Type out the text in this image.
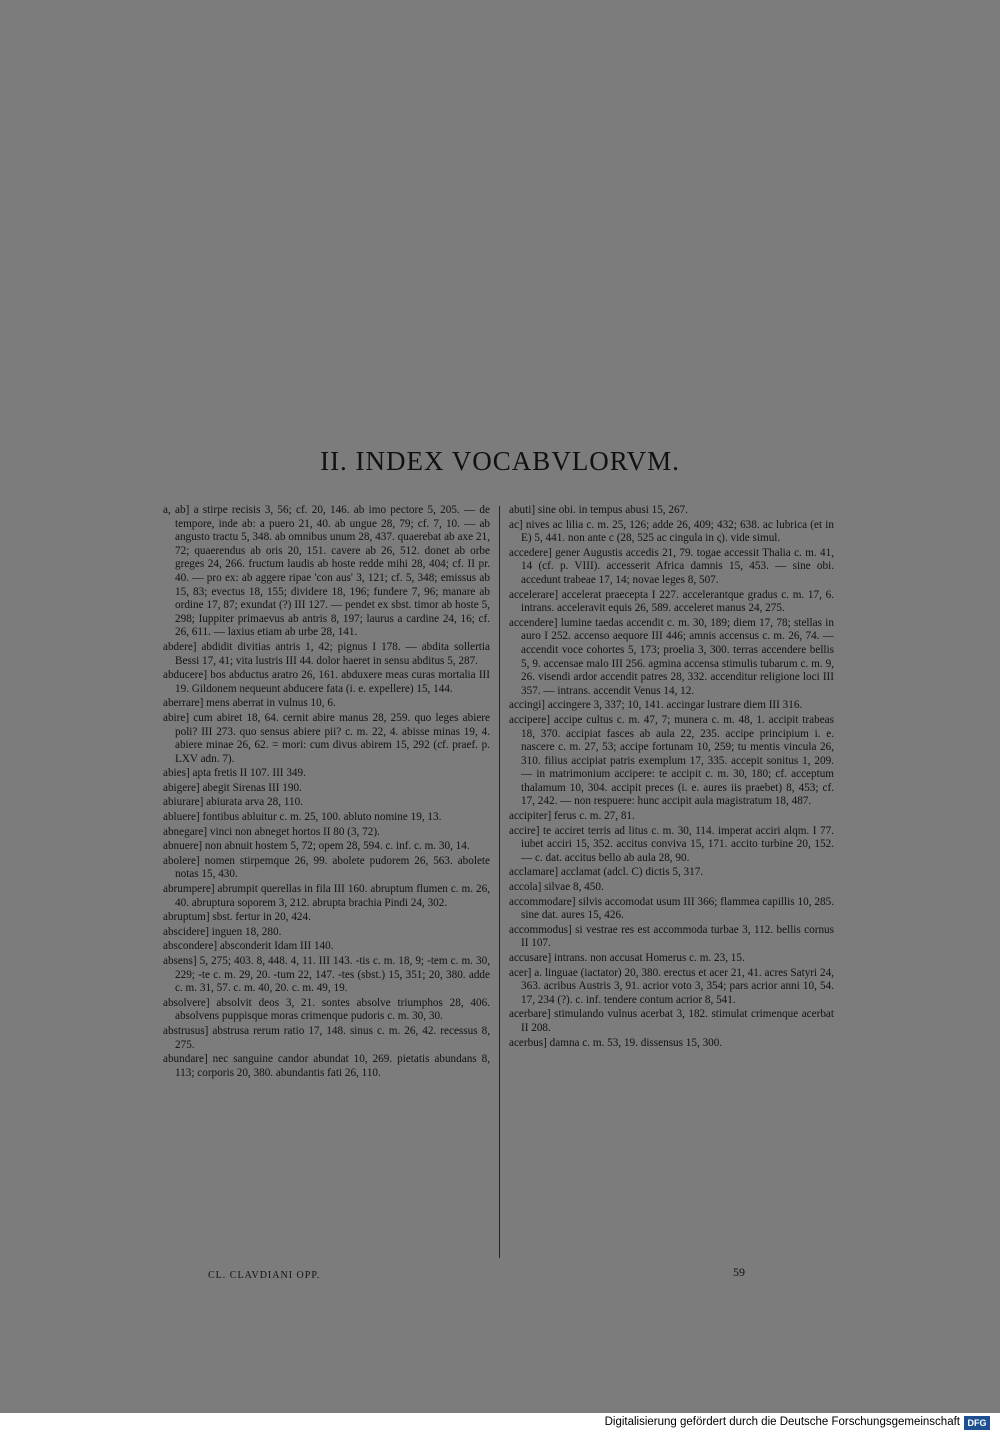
II. INDEX VOCABVLORVM.

a, ab] a stirpe recisis 3, 56; cf. 20, 146. ab imo pectore 5, 205. — de tempore, inde ab: a puero 21, 40. ab ungue 28, 79; cf. 7, 10. — ab angusto tractu 5, 348. ab omnibus unum 28, 437. quaerebat ab axe 21, 72; quaerendus ab oris 20, 151. cavere ab 26, 512. donet ab orbe greges 24, 266. fructum laudis ab hoste redde mihi 28, 404; cf. II pr. 40. — pro ex: ab aggere ripae 'con aus' 3, 121; cf. 5, 348; emissus ab 15, 83; evectus 18, 155; dividere 18, 196; fundere 7, 96; manare ab ordine 17, 87; exundat (?) III 127. — pendet ex sbst. timor ab hoste 5, 298; Iuppiter primaevus ab antris 8, 197; laurus a cardine 24, 16; cf. 26, 611. — laxius etiam ab urbe 28, 141.

abdere] abdidit divitias antris 1, 42; pignus I 178. — abdita sollertia Bessi 17, 41; vita lustris III 44. dolor haeret in sensu abditus 5, 287.

abducere] bos abductus aratro 26, 161. abduxere meas curas mortalia III 19. Gildonem nequeunt abducere fata (i. e. expellere) 15, 144.

aberrare] mens aberrat in vulnus 10, 6.

abire] cum abiret 18, 64. cernit abire manus 28, 259. quo leges abiere poli? III 273. quo sensus abiere pii? c. m. 22, 4. abisse minas 19, 4. abiere minae 26, 62. = mori: cum divus abirem 15, 292 (cf. praef. p. LXV adn. 7).

abies] apta fretis II 107. III 349.

abigere] abegit Sirenas III 190.

abiurare] abiurata arva 28, 110.

abluere] fontibus abluitur c. m. 25, 100. abluto nomine 19, 13.

abnegare] vinci non abneget hortos II 80 (3, 72).

abnuere] non abnuit hostem 5, 72; opem 28, 594. c. inf. c. m. 30, 14.

abolere] nomen stirpemque 26, 99. abolete pudorem 26, 563. abolete notas 15, 430.

abrumpere] abrumpit querellas in fila III 160. abruptum flumen c. m. 26, 40. abruptura soporem 3, 212. abrupta brachia Pindi 24, 302.

abruptum] sbst. fertur in 20, 424.

abscidere] inguen 18, 280.

abscondere] absconderit Idam III 140.

absens] 5, 275; 403. 8, 448. 4, 11. III 143. -tis c. m. 18, 9; -tem c. m. 30, 229; -te c. m. 29, 20. -tum 22, 147. -tes (sbst.) 15, 351; 20, 380. adde c. m. 31, 57. c. m. 40, 20. c. m. 49, 19.

absolvere] absolvit deos 3, 21. sontes absolve triumphos 28, 406. absolvens puppisque moras crimenque pudoris c. m. 30, 30.

abstrusus] abstrusa rerum ratio 17, 148. sinus c. m. 26, 42. recessus 8, 275.

abundare] nec sanguine candor abundat 10, 269. pietatis abundans 8, 113; corporis 20, 380. abundantis fati 26, 110.

abuti] sine obi. in tempus abusi 15, 267.

ac] nives ac lilia c. m. 25, 126; adde 26, 409; 432; 638. ac lubrica (et in E) 5, 441. non ante c (28, 525 ac cingula in ς). vide simul.

accedere] gener Augustis accedis 21, 79. togae accessit Thalia c. m. 41, 14 (cf. p. VIII). accesserit Africa damnis 15, 453. — sine obi. accedunt trabeae 17, 14; novae leges 8, 507.

accelerare] accelerat praecepta I 227. accelerantque gradus c. m. 17, 6. intrans. acceleravit equis 26, 589. acceleret manus 24, 275.

accendere] lumine taedas accendit c. m. 30, 189; diem 17, 78; stellas in auro I 252. accenso aequore III 446; amnis accensus c. m. 26, 74. — accendit voce cohortes 5, 173; proelia 3, 300. terras accendere bellis 5, 9. accensae malo III 256. agmina accensa stimulis tubarum c. m. 9, 26. visendi ardor accendit patres 28, 332. accenditur religione loci III 357. — intrans. accendit Venus 14, 12.

accingi] accingere 3, 337; 10, 141. accingar lustrare diem III 316.

accipere] accipe cultus c. m. 47, 7; munera c. m. 48, 1. accipit trabeas 18, 370. accipiat fasces ab aula 22, 235. accipe principium i. e. nascere c. m. 27, 53; accipe fortunam 10, 259; tu mentis vincula 26, 310. filius accipiat patris exemplum 17, 335. accepit sonitus 1, 209. — in matrimonium accipere: te accipit c. m. 30, 180; cf. acceptum thalamum 10, 304. accipit preces (i. e. aures iis praebet) 8, 453; cf. 17, 242. — non respuere: hunc accipit aula magistratum 18, 487.

accipiter] ferus c. m. 27, 81.

accire] te acciret terris ad litus c. m. 30, 114. imperat acciri alqm. I 77. iubet acciri 15, 352. accitus conviva 15, 171. accito turbine 20, 152. — c. dat. accitus bello ab aula 28, 90.

acclamare] acclamat (adcl. C) dictis 5, 317.

accola] silvae 8, 450.

accommodare] silvis accomodat usum III 366; flammea capillis 10, 285. sine dat. aures 15, 426.

accommodus] si vestrae res est accommoda turbae 3, 112. bellis cornus II 107.

accusare] intrans. non accusat Homerus c. m. 23, 15.

acer] a. linguae (iactator) 20, 380. erectus et acer 21, 41. acres Satyri 24, 363. acribus Austris 3, 91. acrior voto 3, 354; pars acrior anni 10, 54. 17, 234 (?). c. inf. tendere contum acrior 8, 541.

acerbare] stimulando vulnus acerbat 3, 182. stimulat crimenque acerbat II 208.

acerbus] damna c. m. 53, 19. dissensus 15, 300.

CL. CLAVDIANI OPP.	59
Digitalisierung gefördert durch die Deutsche Forschungsgemeinschaft DFG
